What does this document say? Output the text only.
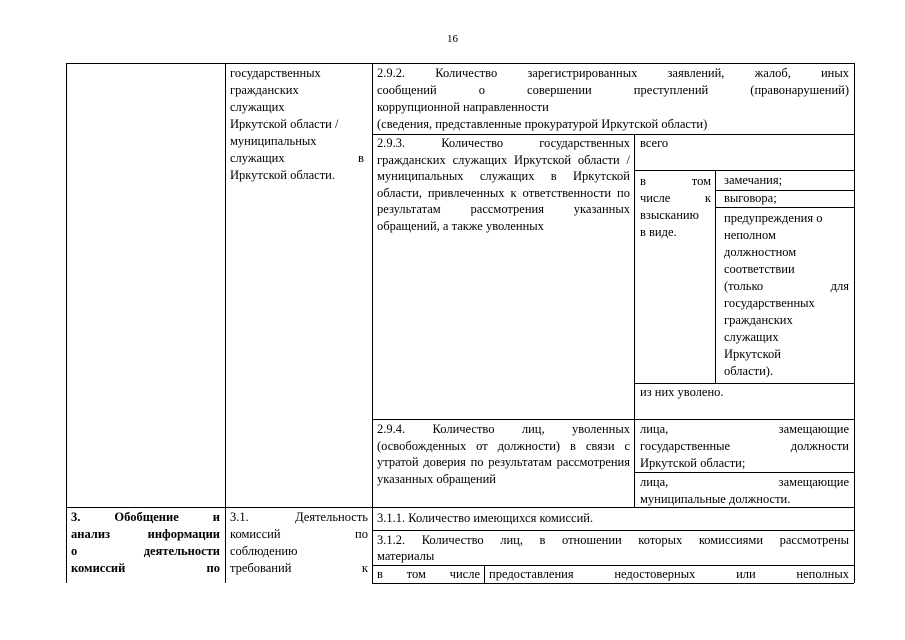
16
государственных
гражданских
служащих
Иркутской области /
муниципальных
служащих	в
Иркутской области.
2.9.2. Количество зарегистрированных заявлений, жалоб, иных
сообщений о совершении преступлений (правонарушений)
коррупционной направленности
(сведения, представленные прокуратурой Иркутской области)
2.9.3. Количество государственных гражданских служащих Иркутской области / муниципальных служащих в Иркутской области, привлеченных к ответственности по результатам рассмотрения указанных обращений, а также уволенных
всего
в том
числе к
взысканию
в виде.
замечания;
выговора;
предупреждения о
неполном
должностном
соответствии
(только для
государственных
гражданских
служащих
Иркутской
области).
из них уволено.
2.9.4. Количество лиц, уволенных (освобожденных от должности) в связи с утратой доверия по результатам рассмотрения указанных обращений
лица, замещающие
государственные должности
Иркутской области;
лица, замещающие
муниципальные должности.
3. Обобщение и
анализ информации
о деятельности
комиссий по
3.1. Деятельность
комиссий по
соблюдению
требований к
3.1.1. Количество имеющихся комиссий.
3.1.2. Количество лиц, в отношении которых комиссиями рассмотрены
материалы
в том числе предоставления недостоверных или неполных
